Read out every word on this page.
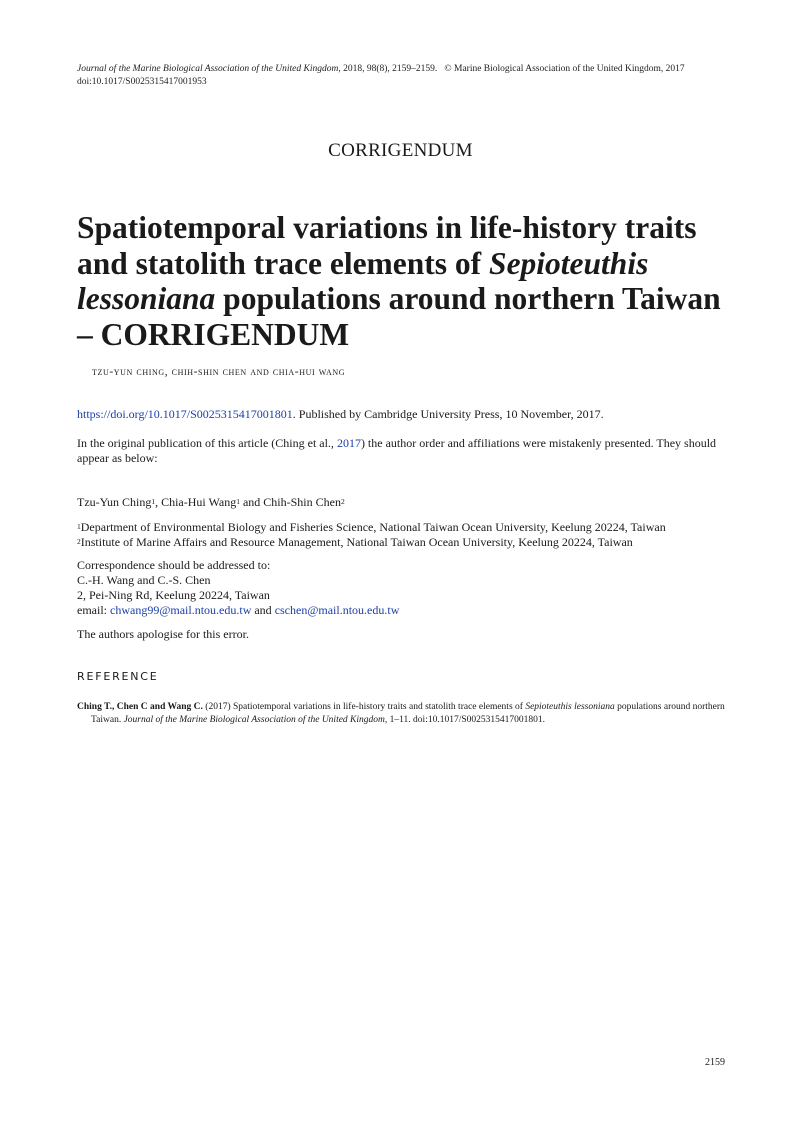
Journal of the Marine Biological Association of the United Kingdom, 2018, 98(8), 2159–2159. © Marine Biological Association of the United Kingdom, 2017
doi:10.1017/S0025315417001953
CORRIGENDUM
Spatiotemporal variations in life-history traits and statolith trace elements of Sepioteuthis lessoniana populations around northern Taiwan – CORRIGENDUM
tzu-yun ching, chih-shin chen and chia-hui wang
https://doi.org/10.1017/S0025315417001801. Published by Cambridge University Press, 10 November, 2017.
In the original publication of this article (Ching et al., 2017) the author order and affiliations were mistakenly presented. They should appear as below:
Tzu-Yun Ching$^1$, Chia-Hui Wang$^1$ and Chih-Shin Chen$^2$
$^1$Department of Environmental Biology and Fisheries Science, National Taiwan Ocean University, Keelung 20224, Taiwan
$^2$Institute of Marine Affairs and Resource Management, National Taiwan Ocean University, Keelung 20224, Taiwan
Correspondence should be addressed to:
C.-H. Wang and C.-S. Chen
2, Pei-Ning Rd, Keelung 20224, Taiwan
email: chwang99@mail.ntou.edu.tw and cschen@mail.ntou.edu.tw
The authors apologise for this error.
REFERENCE
Ching T., Chen C and Wang C. (2017) Spatiotemporal variations in life-history traits and statolith trace elements of Sepioteuthis lessoniana populations around northern Taiwan. Journal of the Marine Biological Association of the United Kingdom, 1–11. doi:10.1017/S0025315417001801.
2159
